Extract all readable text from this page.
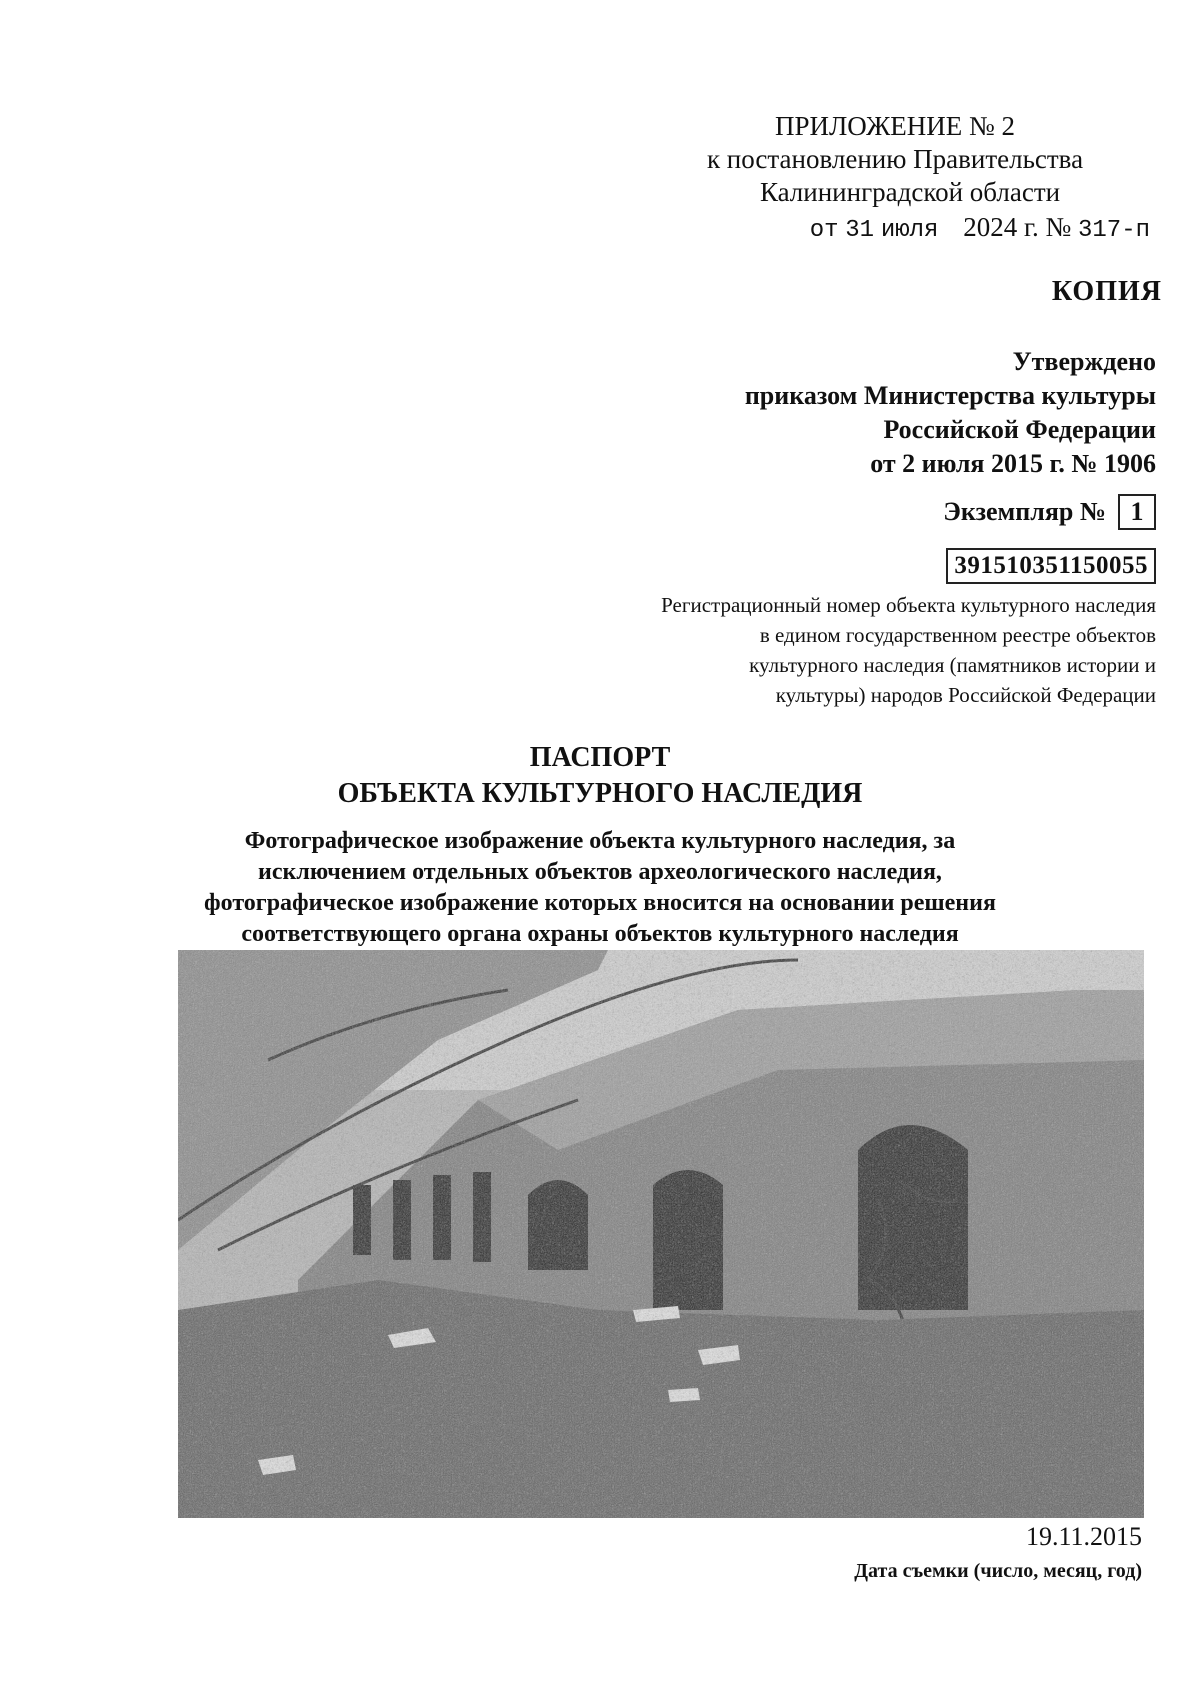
ПРИЛОЖЕНИЕ № 2
к постановлению Правительства
Калининградской области
от 31 июля 2024 г. № 317-п
КОПИЯ
Утверждено
приказом Министерства культуры
Российской Федерации
от 2 июля 2015 г. № 1906
Экземпляр № 1
391510351150055
Регистрационный номер объекта культурного наследия
в едином государственном реестре объектов
культурного наследия (памятников истории и
культуры) народов Российской Федерации
ПАСПОРТ
ОБЪЕКТА КУЛЬТУРНОГО НАСЛЕДИЯ
Фотографическое изображение объекта культурного наследия, за
исключением отдельных объектов археологического наследия,
фотографическое изображение которых вносится на основании решения
соответствующего органа охраны объектов культурного наследия
19.11.2015
Дата съемки (число, месяц, год)
